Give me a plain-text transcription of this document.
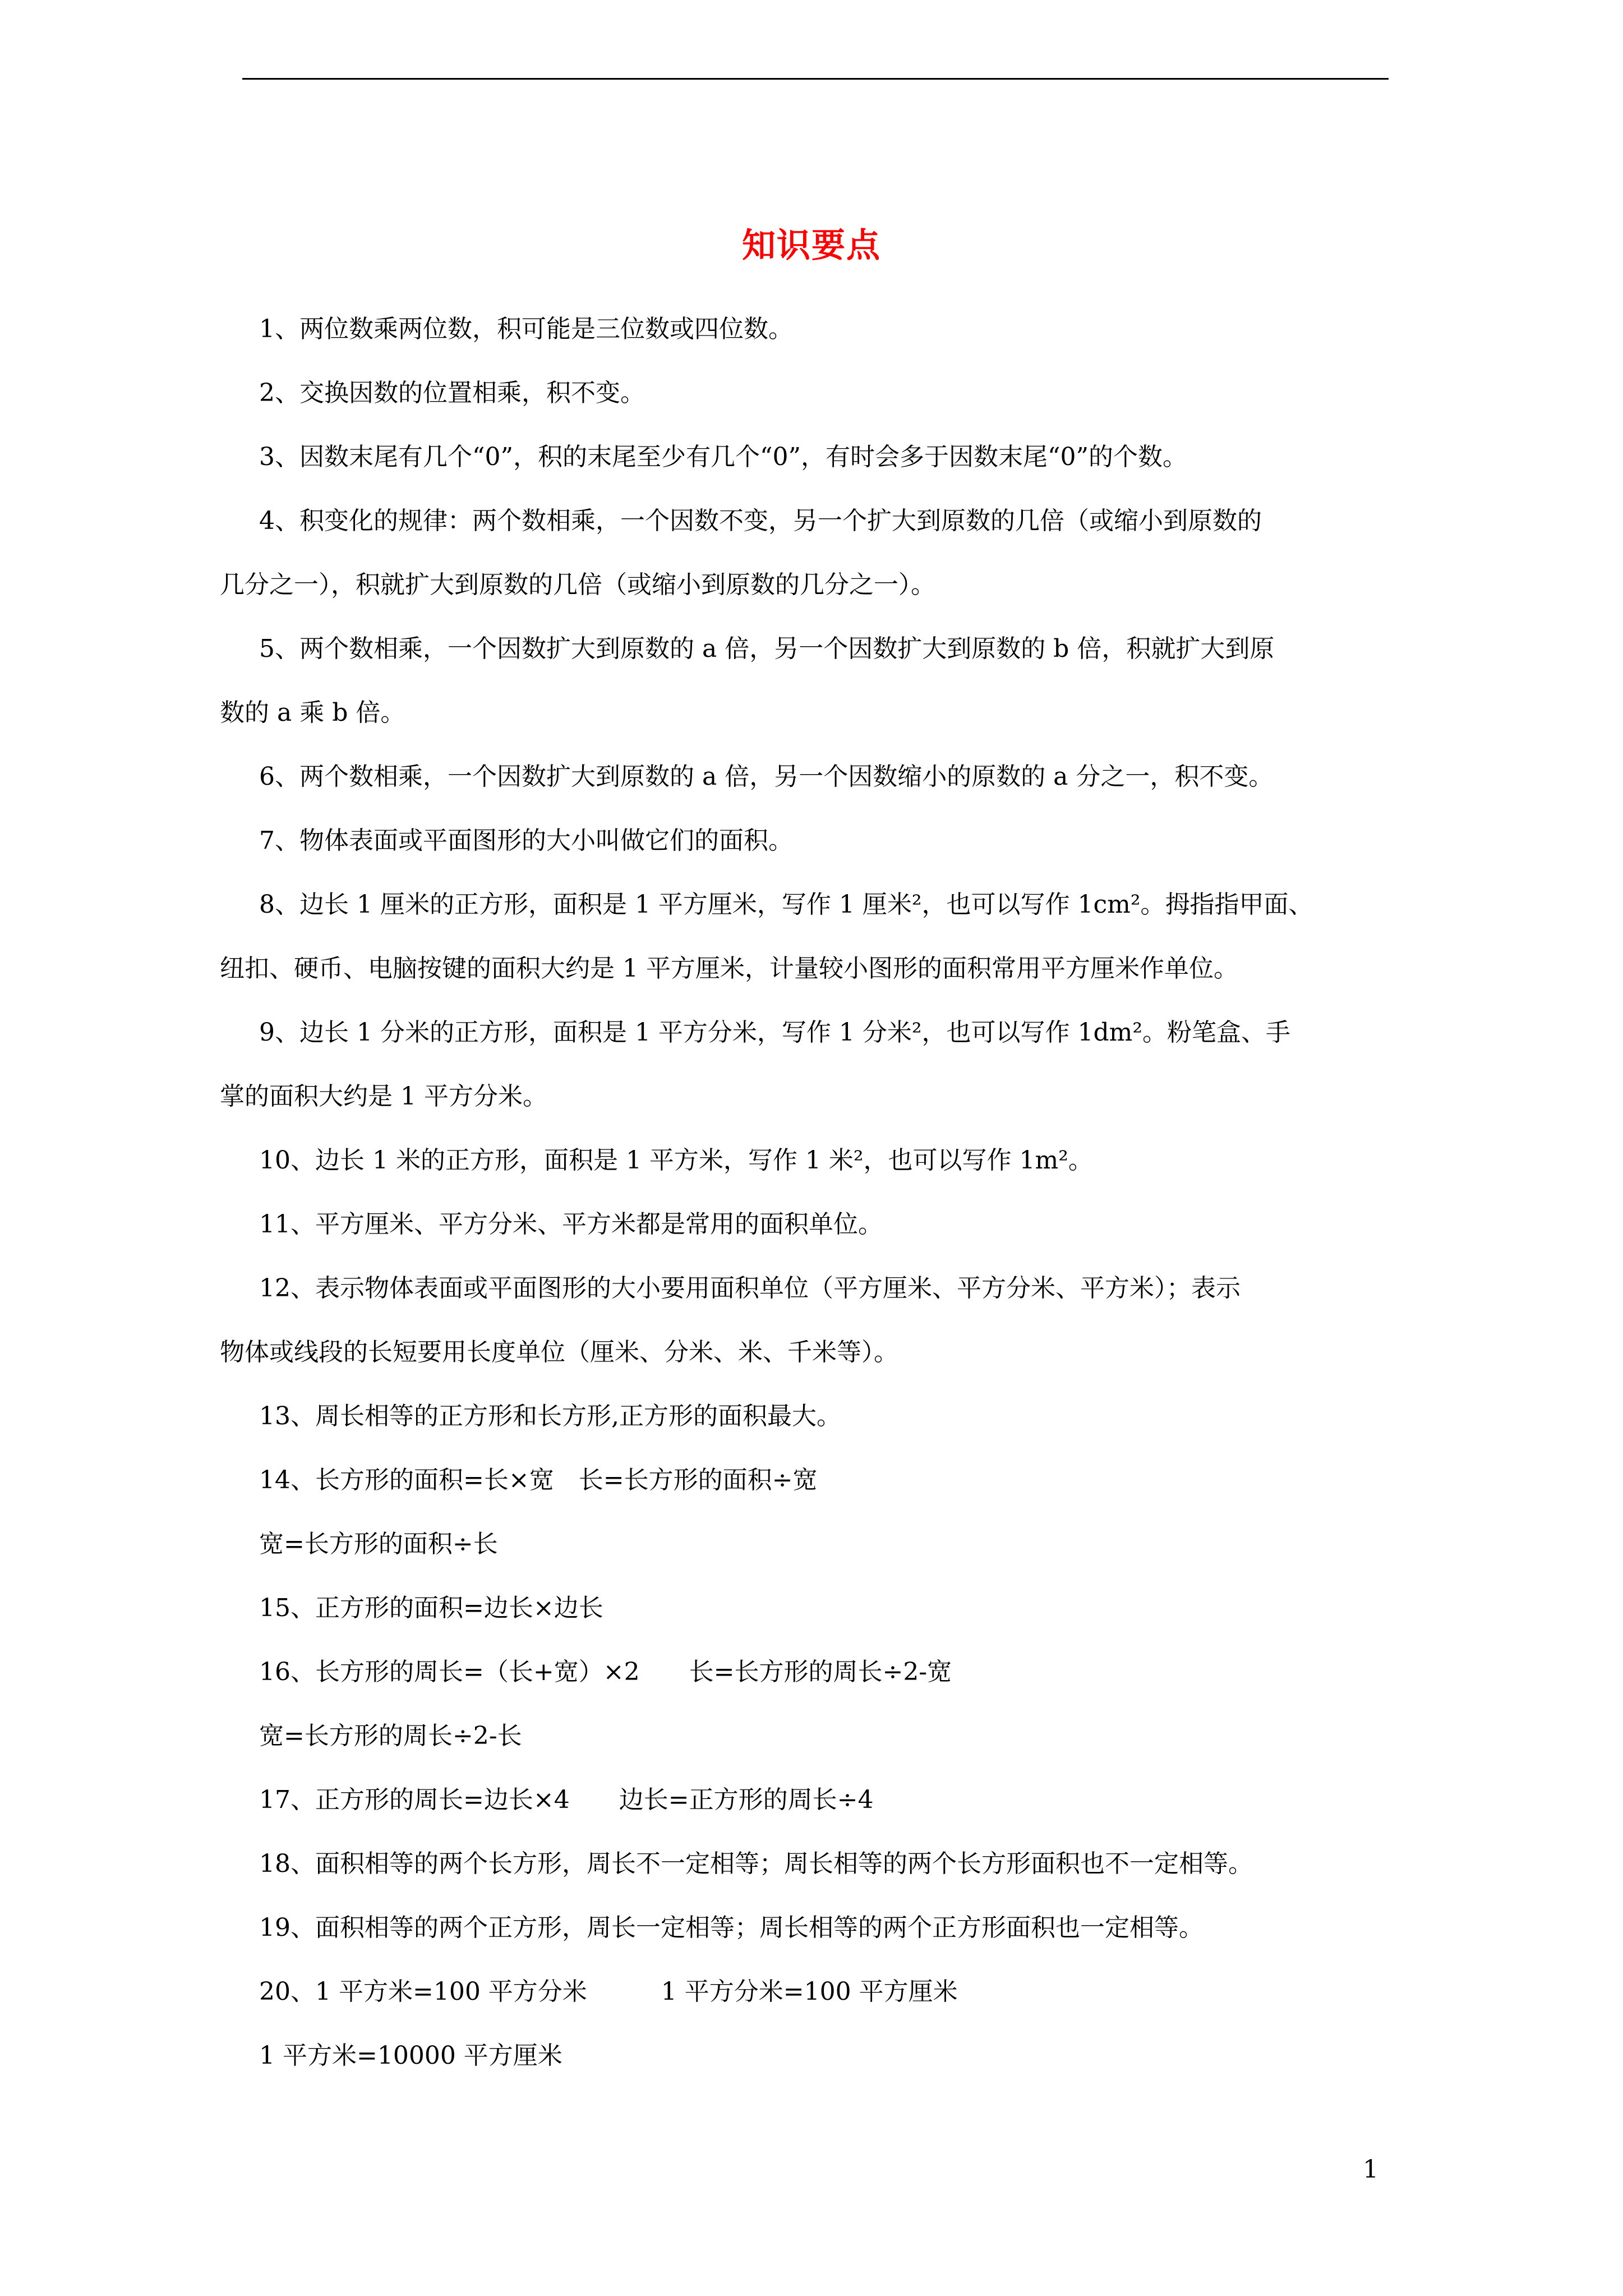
知识要点
1、两位数乘两位数，积可能是三位数或四位数。
2、交换因数的位置相乘，积不变。
3、因数末尾有几个“0”，积的末尾至少有几个“0”，有时会多于因数末尾“0”的个数。
4、积变化的规律：两个数相乘，一个因数不变，另一个扩大到原数的几倍（或缩小到原数的
几分之一），积就扩大到原数的几倍（或缩小到原数的几分之一）。
5、两个数相乘，一个因数扩大到原数的 a 倍，另一个因数扩大到原数的 b 倍，积就扩大到原
数的 a 乘 b 倍。
6、两个数相乘，一个因数扩大到原数的 a 倍，另一个因数缩小的原数的 a 分之一，积不变。
7、物体表面或平面图形的大小叫做它们的面积。
8、边长 1 厘米的正方形，面积是 1 平方厘米，写作 1 厘米²，也可以写作 1cm²。拇指指甲面、
纽扣、硬币、电脑按键的面积大约是 1 平方厘米，计量较小图形的面积常用平方厘米作单位。
9、边长 1 分米的正方形，面积是 1 平方分米，写作 1 分米²，也可以写作 1dm²。粉笔盒、手
掌的面积大约是 1 平方分米。
10、边长 1 米的正方形，面积是 1 平方米，写作 1 米²，也可以写作 1m²。
11、平方厘米、平方分米、平方米都是常用的面积单位。
12、表示物体表面或平面图形的大小要用面积单位（平方厘米、平方分米、平方米）；表示
物体或线段的长短要用长度单位（厘米、分米、米、千米等）。
13、周长相等的正方形和长方形,正方形的面积最大。
14、长方形的面积=长×宽　长=长方形的面积÷宽
宽=长方形的面积÷长
15、正方形的面积=边长×边长
16、长方形的周长=（长+宽）×2　　长=长方形的周长÷2-宽
宽=长方形的周长÷2-长
17、正方形的周长=边长×4　　边长=正方形的周长÷4
18、面积相等的两个长方形，周长不一定相等；周长相等的两个长方形面积也不一定相等。
19、面积相等的两个正方形，周长一定相等；周长相等的两个正方形面积也一定相等。
20、1 平方米=100 平方分米　　　1 平方分米=100 平方厘米
1 平方米=10000 平方厘米
1
